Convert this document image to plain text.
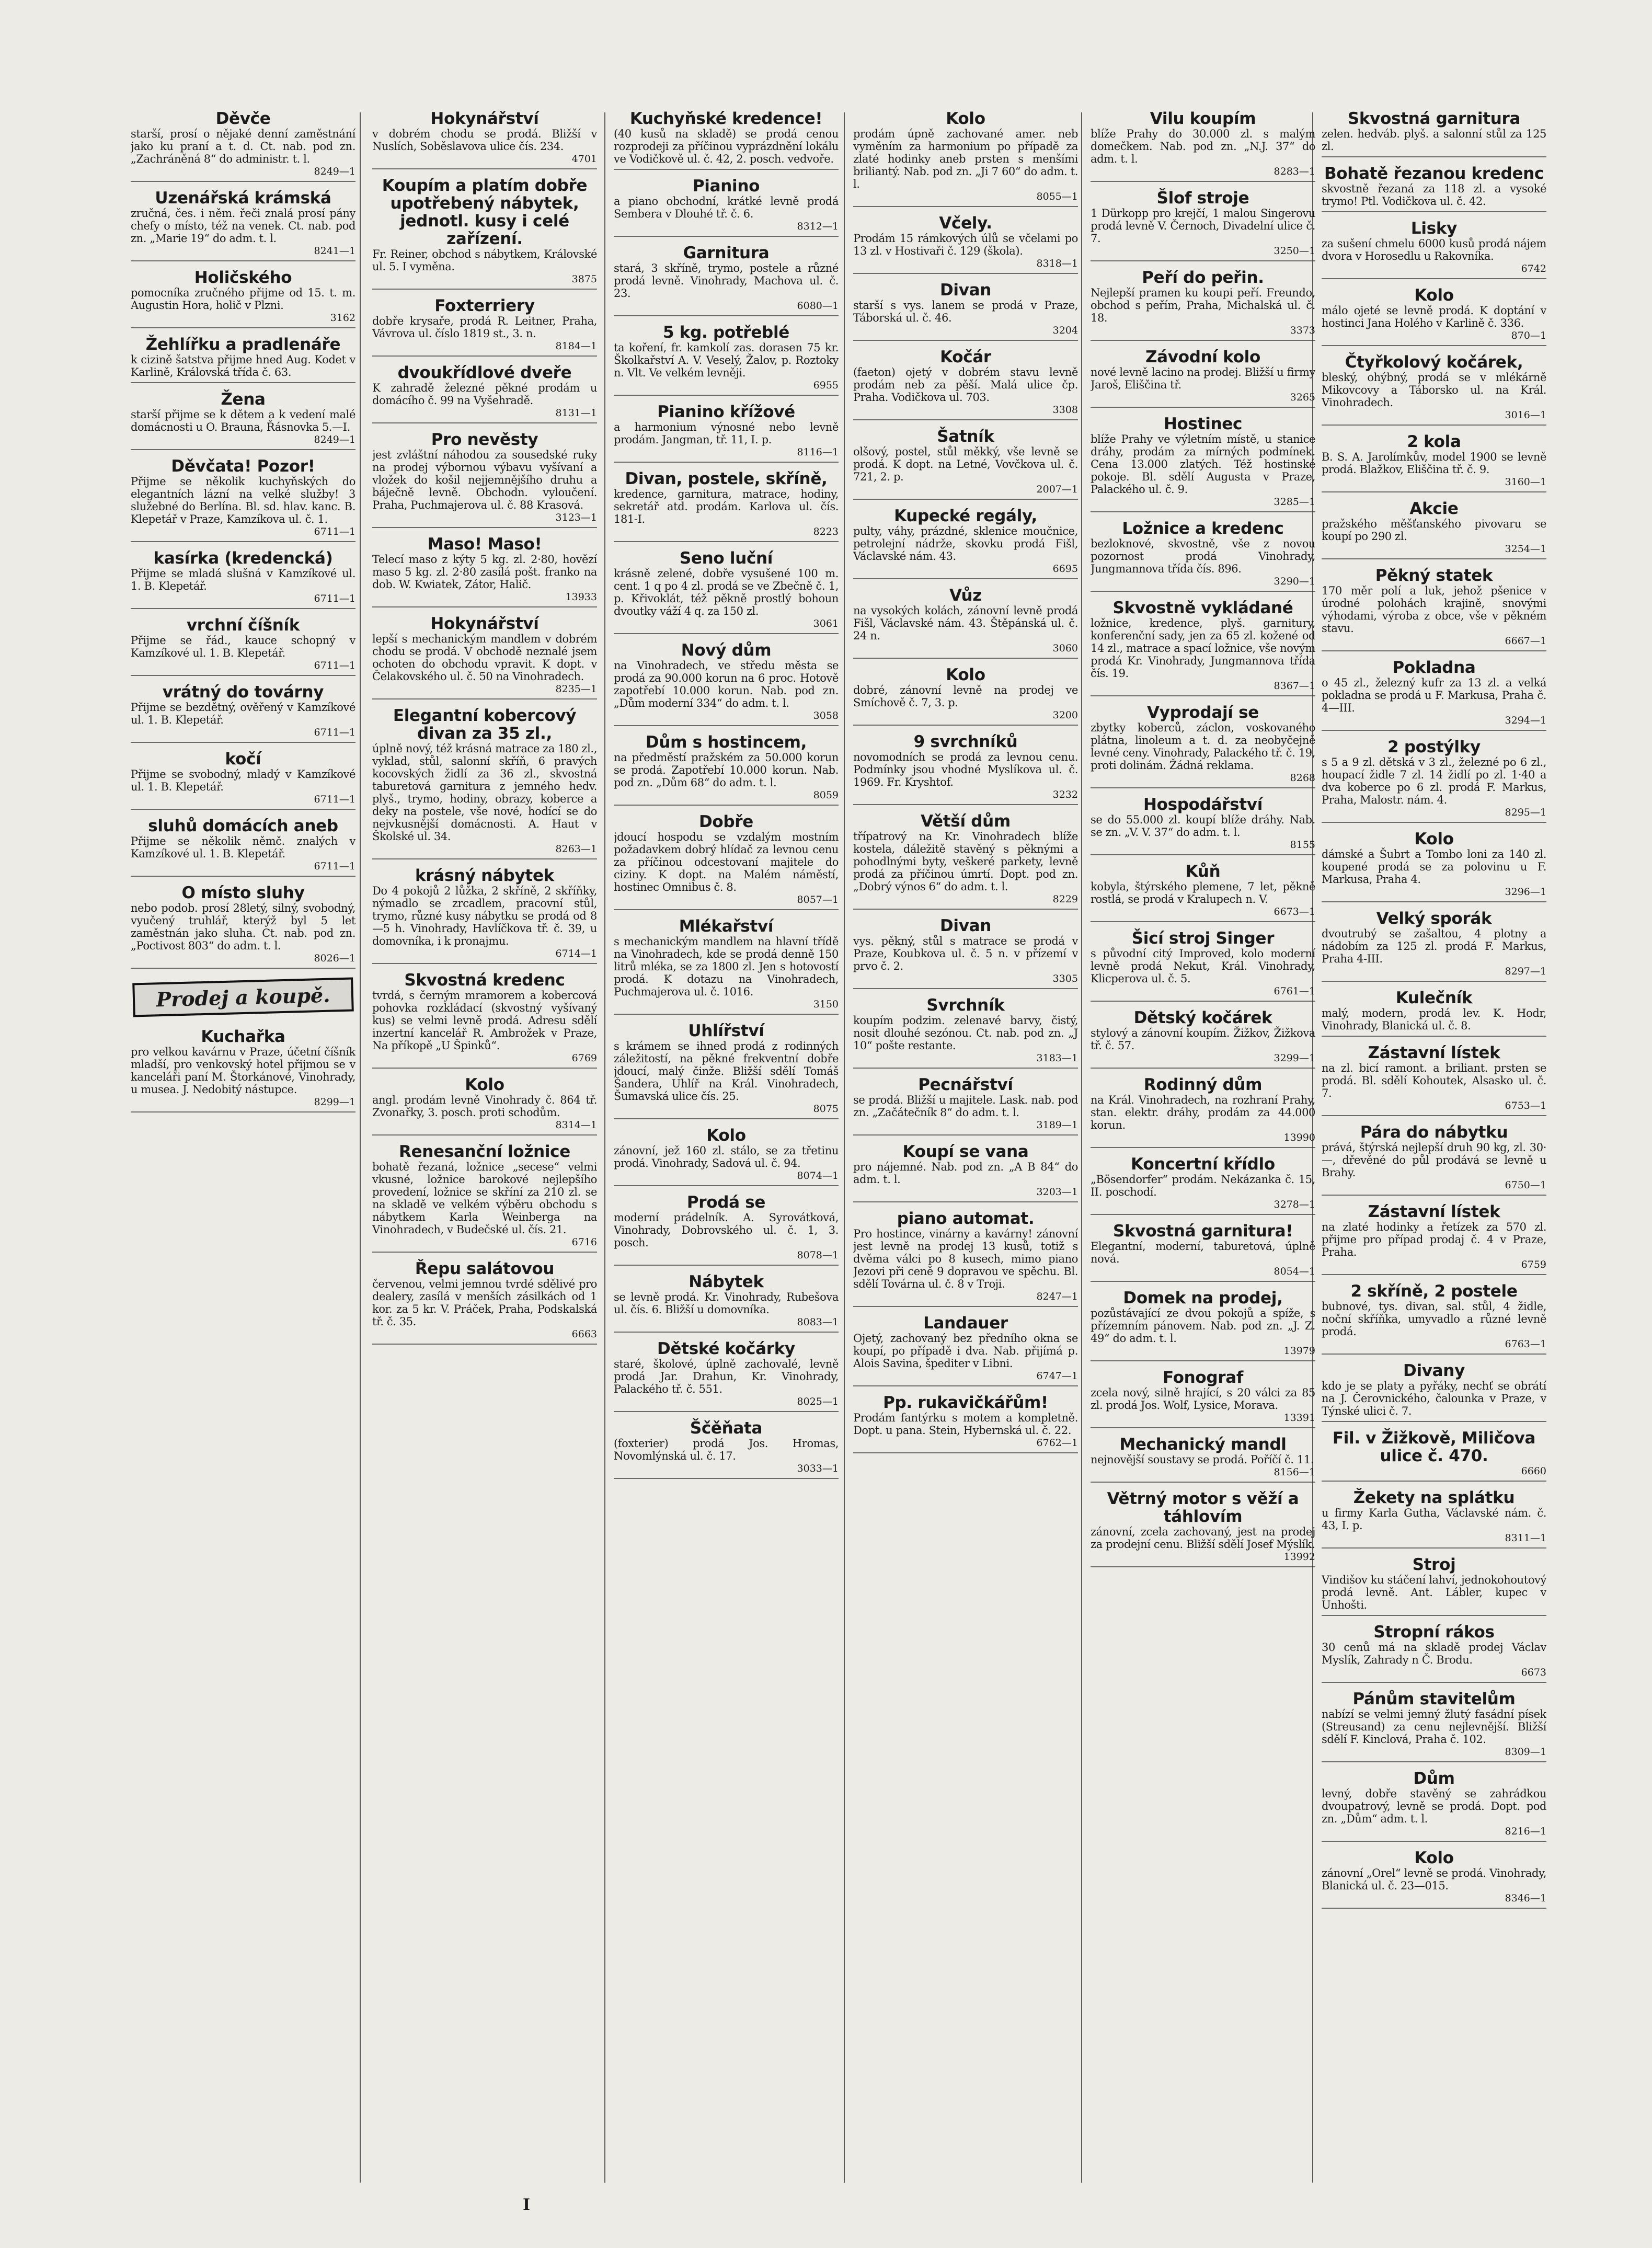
Děvče

starší, prosí o nějaké denní zaměstnání jako ku praní a t. d. Ct. nab. pod zn. „Zachráněná 8“ do administr. t. l.

8249—1
Uzenářská krámská

zručná, čes. i něm. řeči znalá prosí pány chefy o místo, též na venek. Ct. nab. pod zn. „Marie 19“ do adm. t. l.

8241—1
Holičského

pomocníka zručného přijme od 15. t. m. Augustin Hora, holič v Plzni.

3162
Žehlířku a pradlenáře

k cizině šatstva přijme hned Aug. Kodet v Karlině, Královská třída č. 63.

Žena

starší přijme se k dětem a k vedení malé domácnosti u O. Brauna, Řásnovka 5.—I.

8249—1
Děvčata! Pozor!

Přijme se několik kuchyňských do elegantních lázní na velké služby! 3 služebné do Berlína. Bl. sd. hlav. kanc. B. Klepetář v Praze, Kamzíkova ul. č. 1.

6711—1
kasírka (kredencká)

Přijme se mladá slušná v Kamzíkové ul. 1. B. Klepetář.

6711—1
vrchní číšník

Přijme se řád., kauce schopný v Kamzíkové ul. 1. B. Klepetář.

6711—1
vrátný do továrny

Přijme se bezdětný, ověřený v Kamzíkové ul. 1. B. Klepetář.

6711—1
kočí

Přijme se svobodný, mladý v Kamzíkové ul. 1. B. Klepetář.

6711—1
sluhů domácích aneb

Přijme se několik němč. znalých v Kamzíkové ul. 1. B. Klepetář.

6711—1
O místo sluhy

nebo podob. prosí 28letý, silný, svobodný, vyučený truhlář, kterýž byl 5 let zaměstnán jako sluha. Ct. nab. pod zn. „Poctivost 803“ do adm. t. l.

8026—1
Prodej a koupě.
Kuchařka

pro velkou kavárnu v Praze, účetní číšník mladší, pro venkovský hotel přijmou se v kanceláři paní M. Štorkánové, Vinohrady, u musea. J. Nedobitý nástupce.

8299—1
Hokynářství

v dobrém chodu se prodá. Bližší v Nuslích, Soběslavova ulice čís. 234.

4701
Koupím a platím dobře upotřebený nábytek, jednotl. kusy i celé zařízení.

Fr. Reiner, obchod s nábytkem, Královské ul. 5. I vyměna.

3875
Foxterriery

dobře krysaře, prodá R. Leitner, Praha, Vávrova ul. číslo 1819 st., 3. n.

8184—1
dvoukřídlové dveře

K zahradě železné pěkné prodám u domácího č. 99 na Vyšehradě.

8131—1
Pro nevěsty

jest zvláštní náhodou za sousedské ruky na prodej výbornou výbavu vyšívaní a vložek do košil nejjemnějšího druhu a báječně levně. Obchodn. vyloučení. Praha, Puchmajerova ul. č. 88 Krasová.

3123—1
Maso! Maso!

Telecí maso z kýty 5 kg. zl. 2·80, hovězí maso 5 kg. zl. 2·80 zasílá pošt. franko na dob. W. Kwiatek, Zátor, Halič.

13933
Hokynářství

lepší s mechanickým mandlem v dobrém chodu se prodá. V obchodě neznalé jsem ochoten do obchodu vpravit. K dopt. v Čelakovského ul. č. 50 na Vinohradech.

8235—1
Elegantní kobercový divan za 35 zl.,

úplně nový, též krásná matrace za 180 zl., vyklad, stůl, salonní skříň, 6 pravých kocovských židlí za 36 zl., skvostná taburetová garnitura z jemného hedv. plyš., trymo, hodiny, obrazy, koberce a deky na postele, vše nové, hodící se do nejvkusnější domácnosti. A. Haut v Školské ul. 34.

8263—1
krásný nábytek

Do 4 pokojů 2 lůžka, 2 skříně, 2 skříňky, nýmadlo se zrcadlem, pracovní stůl, trymo, různé kusy nábytku se prodá od 8—5 h. Vinohrady, Havlíčkova tř. č. 39, u domovníka, i k pronajmu.

6714—1
Skvostná kredenc

tvrdá, s černým mramorem a kobercová pohovka rozkládací (skvostný vyšívaný kus) se velmi levně prodá. Adresu sdělí inzertní kancelář R. Ambrožek v Praze, Na příkopě „U Špinků“.

6769
Kolo

angl. prodám levně Vinohrady č. 864 tř. Zvonařky, 3. posch. proti schodům.

8314—1
Renesanční ložnice

bohatě řezaná, ložnice „secese“ velmi vkusné, ložnice barokové nejlepšího provedení, ložnice se skříní za 210 zl. se na skladě ve velkém výběru obchodu s nábytkem Karla Weinberga na Vinohradech, v Budečské ul. čís. 21.

6716
Řepu salátovou

červenou, velmi jemnou tvrdé sdělivé pro dealery, zasílá v menších zásilkách od 1 kor. za 5 kr. V. Práček, Praha, Podskalská tř. č. 35.

6663
Kuchyňské kredence!

(40 kusů na skladě) se prodá cenou rozprodeji za příčinou vyprázdnění lokálu ve Vodičkově ul. č. 42, 2. posch. vedvoře.

Pianino

a piano obchodní, krátké levně prodá Sembera v Dlouhé tř. č. 6.

8312—1
Garnitura

stará, 3 skříně, trymo, postele a různé prodá levně. Vinohrady, Machova ul. č. 23.

6080—1
5 kg. potřeblé

ta koření, fr. kamkolí zas. dorasen 75 kr. Školkařství A. V. Veselý, Žalov, p. Roztoky n. Vlt. Ve velkém levněji.

6955
Pianino křížové

a harmonium výnosné nebo levně prodám. Jangman, tř. 11, I. p.

8116—1
Divan, postele, skříně,

kredence, garnitura, matrace, hodiny, sekretář atd. prodám. Karlova ul. čís. 181-I.

8223
Seno luční

krásně zelené, dobře vysušené 100 m. cent. 1 q po 4 zl. prodá se ve Zbečně č. 1, p. Křivoklát, též pěkně prostlý bohoun dvoutky váží 4 q. za 150 zl.

3061
Nový dům

na Vinohradech, ve středu města se prodá za 90.000 korun na 6 proc. Hotově zapotřebí 10.000 korun. Nab. pod zn. „Dům moderní 334“ do adm. t. l.

3058
Dům s hostincem,

na předměstí pražském za 50.000 korun se prodá. Zapotřebí 10.000 korun. Nab. pod zn. „Dům 68“ do adm. t. l.

8059
Dobře

jdoucí hospodu se vzdalým mostním požadavkem dobrý hlídač za levnou cenu za příčinou odcestovaní majitele do ciziny. K dopt. na Malém náměstí, hostinec Omnibus č. 8.

8057—1
Mlékařství

s mechanickým mandlem na hlavní třídě na Vinohradech, kde se prodá denně 150 litrů mléka, se za 1800 zl. Jen s hotovostí prodá. K dotazu na Vinohradech, Puchmajerova ul. č. 1016.

3150
Uhlířství

s krámem se ihned prodá z rodinných záležitostí, na pěkné frekventní dobře jdoucí, malý činže. Bližší sdělí Tomáš Šandera, Uhlíř na Král. Vinohradech, Šumavská ulice čís. 25.

8075
Kolo

zánovní, jež 160 zl. stálo, se za třetinu prodá. Vinohrady, Sadová ul. č. 94.

8074—1
Prodá se

moderní prádelník. A. Syrovátková, Vinohrady, Dobrovského ul. č. 1, 3. posch.

8078—1
Nábytek

se levně prodá. Kr. Vinohrady, Rubešova ul. čís. 6. Bližší u domovníka.

8083—1
Dětské kočárky

staré, školové, úplně zachovalé, levně prodá Jar. Drahun, Kr. Vinohrady, Palackého tř. č. 551.

8025—1
Ščěňata

(foxterier) prodá Jos. Hromas, Novomlýnská ul. č. 17.

3033—1
Kolo

prodám úpně zachované amer. neb vyměním za harmonium po případě za zlaté hodinky aneb prsten s menšími briliantý. Nab. pod zn. „Ji 7 60“ do adm. t. l.

8055—1
Včely.

Prodám 15 rámkových úlů se včelami po 13 zl. v Hostivaři č. 129 (škola).

8318—1
Divan

starší s vys. lanem se prodá v Praze, Táborská ul. č. 46.

3204
Kočár

(faeton) ojetý v dobrém stavu levně prodám neb za pěší. Malá ulice čp. Praha. Vodičkova ul. 703.

3308
Šatník

olšový, postel, stůl měkký, vše levně se prodá. K dopt. na Letné, Vovčkova ul. č. 721, 2. p.

2007—1
Kupecké regály,

pulty, váhy, prázdné, sklenice moučnice, petrolejní nádrže, skovku prodá Fišl, Václavské nám. 43.

6695
Vůz

na vysokých kolách, zánovní levně prodá Fišl, Václavské nám. 43. Štěpánská ul. č. 24 n.

3060
Kolo

dobré, zánovní levně na prodej ve Smíchově č. 7, 3. p.

3200
9 svrchníků

novomodních se prodá za levnou cenu. Podmínky jsou vhodné Myslíkova ul. č. 1969. Fr. Kryshtof.

3232
Větší dům

třípatrový na Kr. Vinohradech blíže kostela, dáležitě stavěný s pěknými a pohodlnými byty, veškeré parkety, levně prodá za příčinou úmrtí. Dopt. pod zn. „Dobrý výnos 6“ do adm. t. l.

8229
Divan

vys. pěkný, stůl s matrace se prodá v Praze, Koubkova ul. č. 5 n. v přízemí v prvo č. 2.

3305
Svrchník

koupím podzim. zelenavé barvy, čistý, nosit dlouhé sezónou. Ct. nab. pod zn. „J 10“ pošte restante.

3183—1
Pecnářství

se prodá. Bližší u majitele. Lask. nab. pod zn. „Začátečník 8“ do adm. t. l.

3189—1
Koupí se vana

pro nájemné. Nab. pod zn. „A B 84“ do adm. t. l.

3203—1
piano automat.

Pro hostince, vinárny a kavárny! zánovní jest levně na prodej 13 kusů, totiž s dvěma válci po 8 kusech, mimo piano Jezovi při ceně 9 dopravou ve spěchu. Bl. sdělí Továrna ul. č. 8 v Troji.

8247—1
Landauer

Ojetý, zachovaný bez předního okna se koupí, po případě i dva. Nab. přijímá p. Alois Savina, špediter v Libni.

6747—1
Pp. rukavičkářům!

Prodám fantýrku s motem a kompletně. Dopt. u pana. Stein, Hybernská ul. č. 22.

6762—1
Vilu koupím

blíže Prahy do 30.000 zl. s malým domečkem. Nab. pod zn. „N.J. 37“ do adm. t. l.

8283—1
Šlof stroje

1 Dürkopp pro krejčí, 1 malou Singerovu prodá levně V. Černoch, Divadelní ulice č. 7.

3250—1
Peří do peřin.

Nejlepší pramen ku koupi peří. Freundo, obchod s peřím, Praha, Michalská ul. č. 18.

3373
Závodní kolo

nové levně lacino na prodej. Bližší u firmy Jaroš, Eliščina tř.

3265
Hostinec

blíže Prahy ve výletním místě, u stanice dráhy, prodám za mírných podmínek. Cena 13.000 zlatých. Též hostinské pokoje. Bl. sdělí Augusta v Praze, Palackého ul. č. 9.

3285—1
Ložnice a kredenc

bezloknové, skvostně, vše z novou pozornost prodá Vinohrady, Jungmannova třída čís. 896.

3290—1
Skvostně vykládané

ložnice, kredence, plyš. garnitury, konferenční sady, jen za 65 zl. kožené od 14 zl., matrace a spací ložnice, vše novým prodá Kr. Vinohrady, Jungmannova třída čís. 19.

8367—1
Vyprodají se

zbytky koberců, záclon, voskovaného plátna, linoleum a t. d. za neobyčejně levné ceny. Vinohrady, Palackého tř. č. 19, proti dolinám. Žádná reklama.

8268
Hospodářství

se do 55.000 zl. koupí blíže dráhy. Nab. se zn. „V. V. 37“ do adm. t. l.

8155
Kůň

kobyla, štýrského plemene, 7 let, pěkně rostlá, se prodá v Kralupech n. V.

6673—1
Šicí stroj Singer

s původní citý Improved, kolo moderní levně prodá Nekut, Král. Vinohrady, Klicperova ul. č. 5.

6761—1
Dětský kočárek

stylový a zánovní koupím. Žižkov, Žižkova tř. č. 57.

3299—1
Rodinný dům

na Král. Vinohradech, na rozhraní Prahy, stan. elektr. dráhy, prodám za 44.000 korun.

13990
Koncertní křídlo

„Bösendorfer“ prodám. Nekázanka č. 15, II. poschodí.

3278—1
Skvostná garnitura!

Elegantní, moderní, taburetová, úplně nová.

8054—1
Domek na prodej,

pozůstávající ze dvou pokojů a spíže, s přízemním pánovem. Nab. pod zn. „J. Z. 49“ do adm. t. l.

13979
Fonograf

zcela nový, silně hrající, s 20 válci za 85 zl. prodá Jos. Wolf, Lysice, Morava.

13391
Mechanický mandl

nejnovější soustavy se prodá. Poříčí č. 11.

8156—1
Větrný motor s věží a táhlovím

zánovní, zcela zachovaný, jest na prodej za prodejní cenu. Bližší sdělí Josef Mýslík.

13992
Skvostná garnitura

zelen. hedváb. plyš. a salonní stůl za 125 zl.

Bohatě řezanou kredenc

skvostně řezaná za 118 zl. a vysoké trymo! Ptl. Vodičkova ul. č. 42.

Lisky

za sušení chmelu 6000 kusů prodá nájem dvora v Horosedlu u Rakovníka.

6742
Kolo

málo ojeté se levně prodá. K doptání v hostinci Jana Holého v Karlině č. 336.

870—1
Čtyřkolový kočárek,

bleský, ohýbný, prodá se v mlékárně Mikovcovy a Táborsko ul. na Král. Vinohradech.

3016—1
2 kola

B. S. A. Jarolímkův, model 1900 se levně prodá. Blažkov, Eliščina tř. č. 9.

3160—1
Akcie

pražského měšťanského pivovaru se koupí po 290 zl.

3254—1
Pěkný statek

170 měr polí a luk, jehož pšenice v úrodné polohách krajině, snovými výhodami, výroba z obce, vše v pěkném stavu.

6667—1
Pokladna

o 45 zl., železný kufr za 13 zl. a velká pokladna se prodá u F. Markusa, Praha č. 4—III.

3294—1
2 postýlky

s 5 a 9 zl. dětská v 3 zl., železné po 6 zl., houpací židle 7 zl. 14 židlí po zl. 1·40 a dva koberce po 6 zl. prodá F. Markus, Praha, Malostr. nám. 4.

8295—1
Kolo

dámské a Šubrt a Tombo loni za 140 zl. koupené prodá se za polovinu u F. Markusa, Praha 4.

3296—1
Velký sporák

dvoutrubý se zašaltou, 4 plotny a nádobím za 125 zl. prodá F. Markus, Praha 4-III.

8297—1
Kulečník

malý, modern, prodá lev. K. Hodr, Vinohrady, Blanická ul. č. 8.

Zástavní lístek

na zl. bicí ramont. a briliant. prsten se prodá. Bl. sdělí Kohoutek, Alsasko ul. č. 7.

6753—1
Pára do nábytku

prává, štýrská nejlepší druh 90 kg, zl. 30·—, dřevěné do půl prodává se levně u Brahy.

6750—1
Zástavní lístek

na zlaté hodinky a řetízek za 570 zl. přijme pro případ prodaj č. 4 v Praze, Praha.

6759
2 skříně, 2 postele

bubnové, tys. divan, sal. stůl, 4 židle, noční skříňka, umyvadlo a různé levně prodá.

6763—1
Divany

kdo je se platy a pyřáky, nechť se obrátí na J. Čerovnického, čalounka v Praze, v Týnské ulici č. 7.

Fil. v Žižkově, Miličova ulice č. 470.

6660
Žekety na splátku

u firmy Karla Gutha, Václavské nám. č. 43, I. p.

8311—1
Stroj

Vindišov ku stáčení lahví, jednokohoutový prodá levně. Ant. Lábler, kupec v Unhošti.

Stropní rákos

30 cenů má na skladě prodej Václav Myslík, Zahrady n Č. Brodu.

6673
Pánům stavitelům

nabízí se velmi jemný žlutý fasádní písek (Streusand) za cenu nejlevnější. Bližší sdělí F. Kinclová, Praha č. 102.

8309—1
Dům

levný, dobře stavěný se zahrádkou dvoupatrový, levně se prodá. Dopt. pod zn. „Dům“ adm. t. l.

8216—1
Kolo

zánovní „Orel“ levně se prodá. Vinohrady, Blanická ul. č. 23—015.

8346—1
I
